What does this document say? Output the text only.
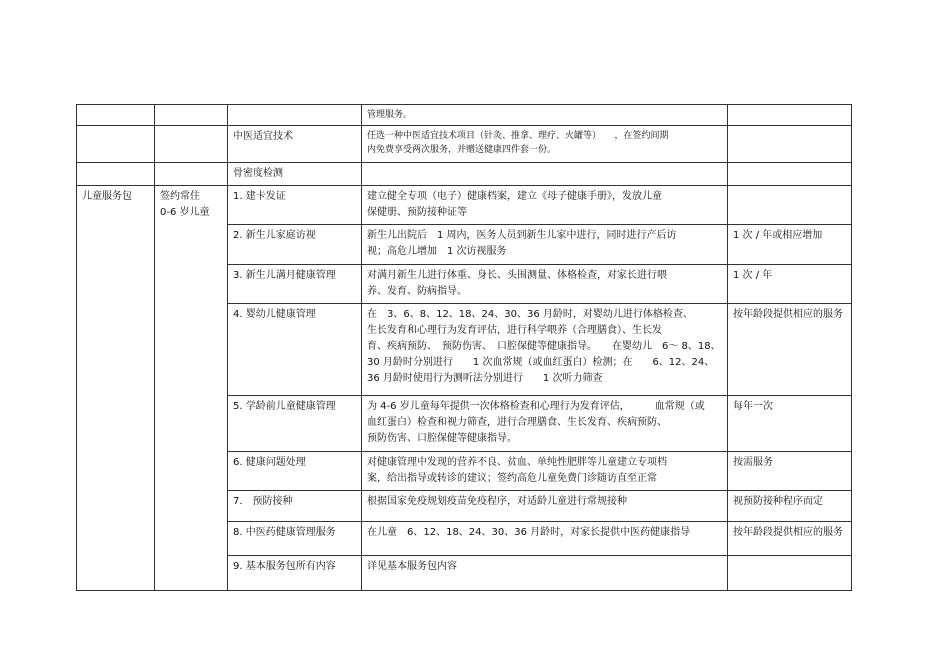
			管理服务。	

		中医适宜技术	任选一种中医适宜技术项目（针灸、推拿、理疗、火罐等）　　，在签约间期
内免费享受两次服务，并赠送健康四件套一份。	

		骨密度检测		
儿童服务包	签约常住
0-6 岁儿童	1. 建卡发证	建立健全专项（电子）健康档案，建立《母子健康手册》，发放儿童
保健册、预防接种证等	

		2. 新生儿家庭访视	新生儿出院后　1 周内，医务人员到新生儿家中进行，同时进行产后访
视；高危儿增加　1 次访视服务	1 次 / 年或相应增加
		3. 新生儿满月健康管理	对满月新生儿进行体重、身长、头围测量、体格检查，对家长进行喂
养、发育、防病指导。	1 次 / 年
		4. 婴幼儿健康管理	在　3、6、8、12、18、24、30、36 月龄时，对婴幼儿进行体格检查、
生长发育和心理行为发育评估，进行科学喂养（合理膳食）、生长发
育、疾病预防、　预防伤害、　口腔保健等健康指导。　　在婴幼儿　6～ 8、18、
30 月龄时分别进行　　1 次血常规（或血红蛋白）检测；在　　6、12、24、
36 月龄时使用行为测听法分别进行　　1 次听力筛查	按年龄段提供相应的服务
		5. 学龄前儿童健康管理	为 4-6 岁儿童每年提供一次体格检查和心理行为发育评估，　　　血常规（或
血红蛋白）检查和视力筛查，进行合理膳食、生长发育、疾病预防、
预防伤害、口腔保健等健康指导。	每年一次
		6. 健康问题处理	对健康管理中发现的营养不良、贫血、单纯性肥胖等儿童建立专项档
案，给出指导或转诊的建议；签约高危儿童免费门诊随访直至正常	按需服务
		7.　预防接种	根据国家免疫规划疫苗免疫程序，对适龄儿童进行常规接种	视预防接种程序而定
		8. 中医药健康管理服务	在儿童　6、12、18、24、30、36 月龄时，对家长提供中医药健康指导	按年龄段提供相应的服务
		9. 基本服务包所有内容	详见基本服务包内容	
